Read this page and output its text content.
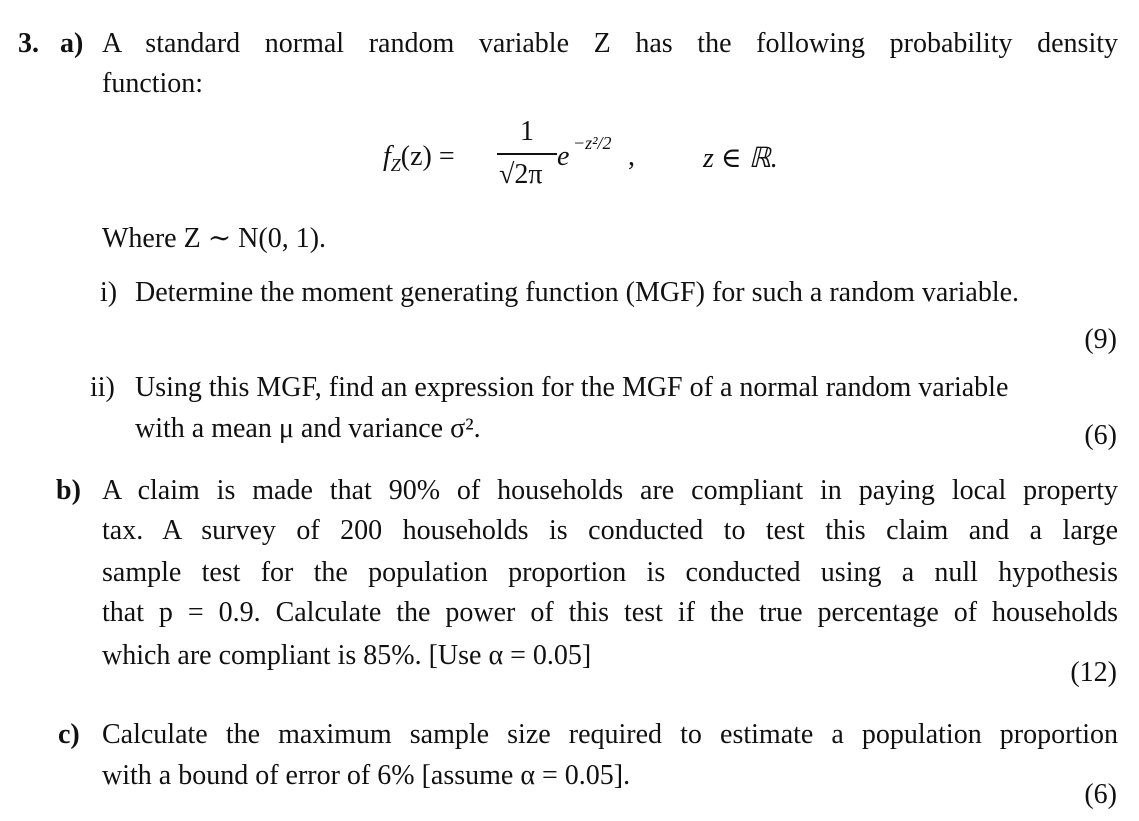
3. a) A standard normal random variable Z has the following probability density
function:
$f_Z(z)$ =
1
√2π
e −z²/2 , z ∈ ℝ.
Where Z ∼ N(0, 1).
i) Determine the moment generating function (MGF) for such a random variable.
(9)
ii) Using this MGF, find an expression for the MGF of a normal random variable
with a mean μ and variance σ².	(6)
b) A claim is made that 90% of households are compliant in paying local property
tax. A survey of 200 households is conducted to test this claim and a large
sample test for the population proportion is conducted using a null hypothesis
that p = 0.9. Calculate the power of this test if the true percentage of households
which are compliant is 85%. [Use α = 0.05]
(12)
c) Calculate the maximum sample size required to estimate a population proportion
with a bound of error of 6% [assume α = 0.05].
(6)
